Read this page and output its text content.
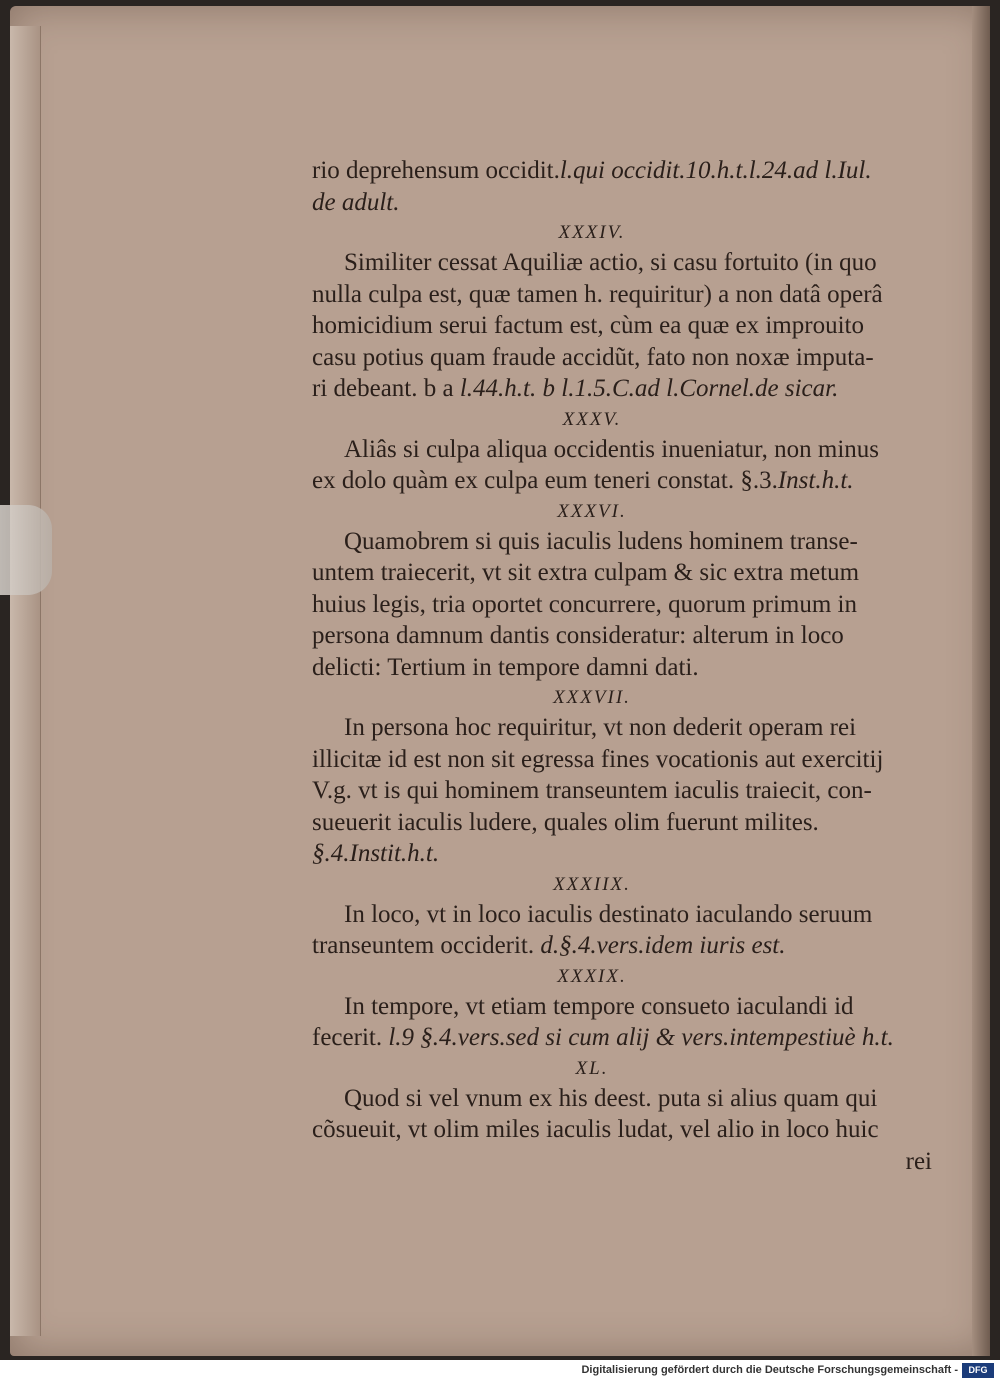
rio deprehensum occidit.l.qui occidit.10.h.t.l.24.ad l.Iul.
de adult.
XXXIV.
Similiter cessat Aquiliæ actio, si casu fortuito (in quo
nulla culpa est, quæ tamen h. requiritur) a non datâ operâ
homicidium serui factum est, cùm ea quæ ex improuito
casu potius quam fraude accidũt, fato non noxæ imputa-
ri debeant. b a l.44.h.t. b l.1.5.C.ad l.Cornel.de sicar.
XXXV.
Aliâs si culpa aliqua occidentis inueniatur, non minus
ex dolo quàm ex culpa eum teneri constat. §.3.Inst.h.t.
XXXVI.
Quamobrem si quis iaculis ludens hominem transe-
untem traiecerit, vt sit extra culpam & sic extra metum
huius legis, tria oportet concurrere, quorum primum in
persona damnum dantis consideratur: alterum in loco
delicti: Tertium in tempore damni dati.
XXXVII.
In persona hoc requiritur, vt non dederit operam rei
illicitæ id est non sit egressa fines vocationis aut exercitij
V.g. vt is qui hominem transeuntem iaculis traiecit, con-
sueuerit iaculis ludere, quales olim fuerunt milites.
§.4.Instit.h.t.
XXXIIX.
In loco, vt in loco iaculis destinato iaculando seruum
transeuntem occiderit. d.§.4.vers.idem iuris est.
XXXIX.
In tempore, vt etiam tempore consueto iaculandi id
fecerit. l.9 §.4.vers.sed si cum alij & vers.intempestiuè h.t.
XL.
Quod si vel vnum ex his deest. puta si alius quam qui
cõsueuit, vt olim miles iaculis ludat, vel alio in loco huic
rei
Digitalisierung gefördert durch die Deutsche Forschungsgemeinschaft -	DFG
